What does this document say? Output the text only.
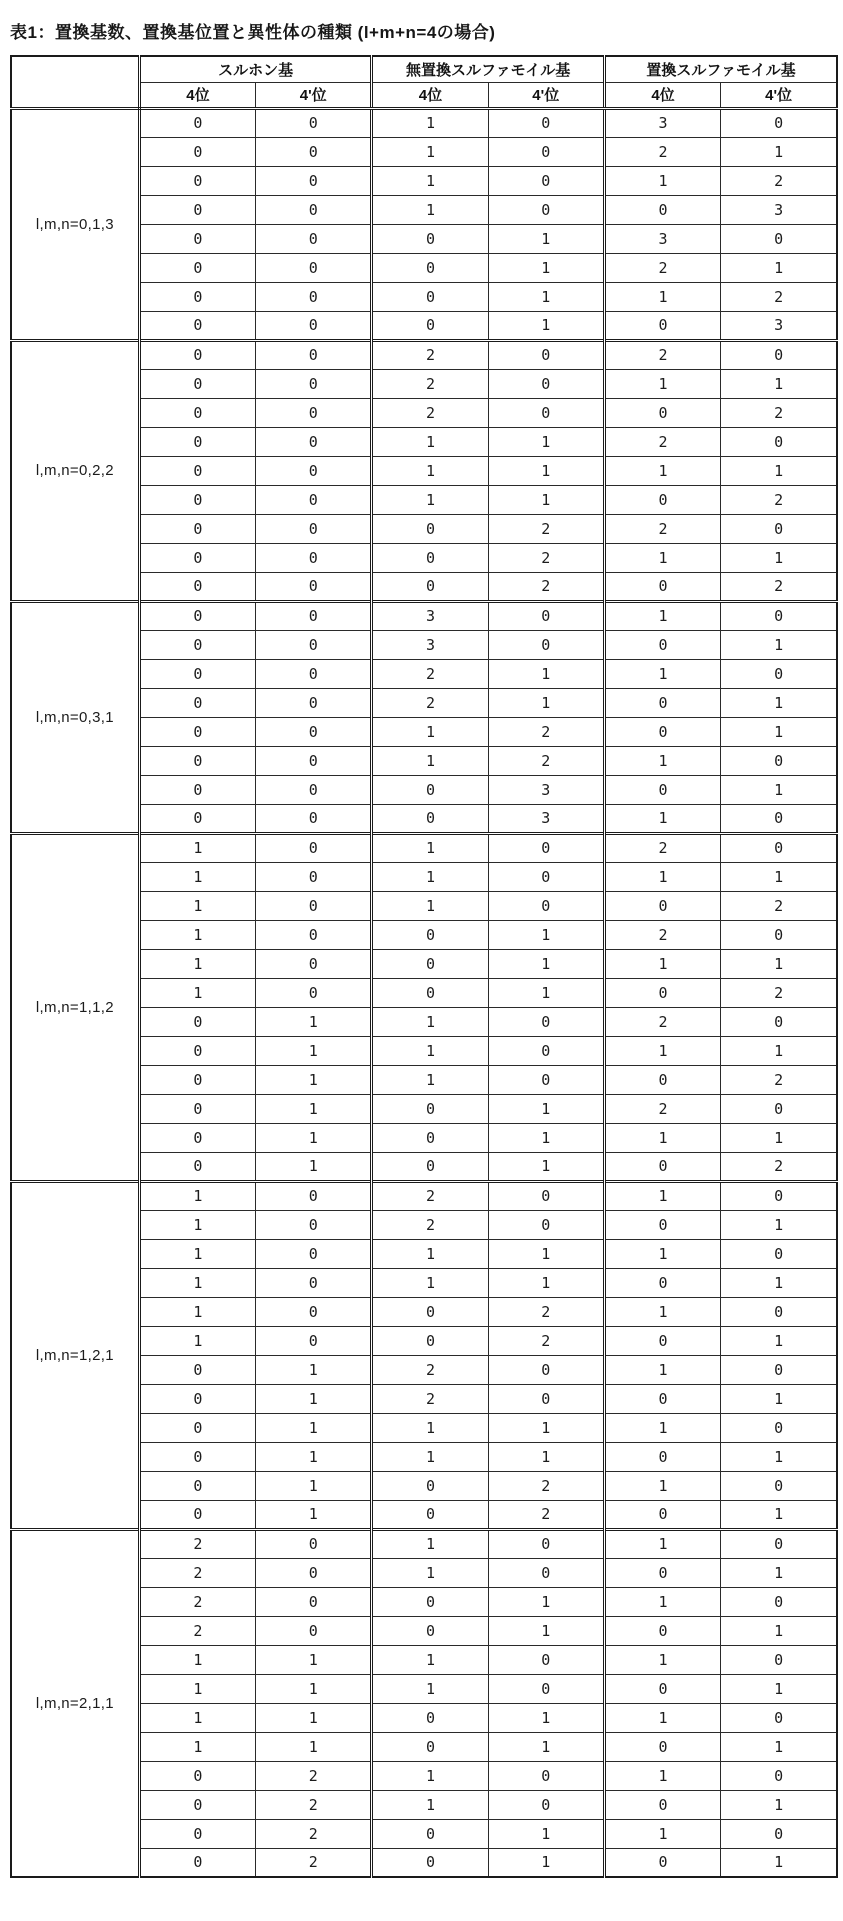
表1：置換基数、置換基位置と異性体の種類 (l+m+n=4の場合)
	スルホン基		無置換スルファモイル基		置換スルファモイル基	
	4位	4'位	4位	4'位	4位	4'位
l,m,n=0,1,3	0	0	1	0	3	0
	0	0	1	0	2	1
	0	0	1	0	1	2
	0	0	1	0	0	3
	0	0	0	1	3	0
	0	0	0	1	2	1
	0	0	0	1	1	2
	0	0	0	1	0	3
l,m,n=0,2,2	0	0	2	0	2	0
	0	0	2	0	1	1
	0	0	2	0	0	2
	0	0	1	1	2	0
	0	0	1	1	1	1
	0	0	1	1	0	2
	0	0	0	2	2	0
	0	0	0	2	1	1
	0	0	0	2	0	2
l,m,n=0,3,1	0	0	3	0	1	0
	0	0	3	0	0	1
	0	0	2	1	1	0
	0	0	2	1	0	1
	0	0	1	2	0	1
	0	0	1	2	1	0
	0	0	0	3	0	1
	0	0	0	3	1	0
l,m,n=1,1,2	1	0	1	0	2	0
	1	0	1	0	1	1
	1	0	1	0	0	2
	1	0	0	1	2	0
	1	0	0	1	1	1
	1	0	0	1	0	2
	0	1	1	0	2	0
	0	1	1	0	1	1
	0	1	1	0	0	2
	0	1	0	1	2	0
	0	1	0	1	1	1
	0	1	0	1	0	2
l,m,n=1,2,1	1	0	2	0	1	0
	1	0	2	0	0	1
	1	0	1	1	1	0
	1	0	1	1	0	1
	1	0	0	2	1	0
	1	0	0	2	0	1
	0	1	2	0	1	0
	0	1	2	0	0	1
	0	1	1	1	1	0
	0	1	1	1	0	1
	0	1	0	2	1	0
	0	1	0	2	0	1
l,m,n=2,1,1	2	0	1	0	1	0
	2	0	1	0	0	1
	2	0	0	1	1	0
	2	0	0	1	0	1
	1	1	1	0	1	0
	1	1	1	0	0	1
	1	1	0	1	1	0
	1	1	0	1	0	1
	0	2	1	0	1	0
	0	2	1	0	0	1
	0	2	0	1	1	0
	0	2	0	1	0	1
